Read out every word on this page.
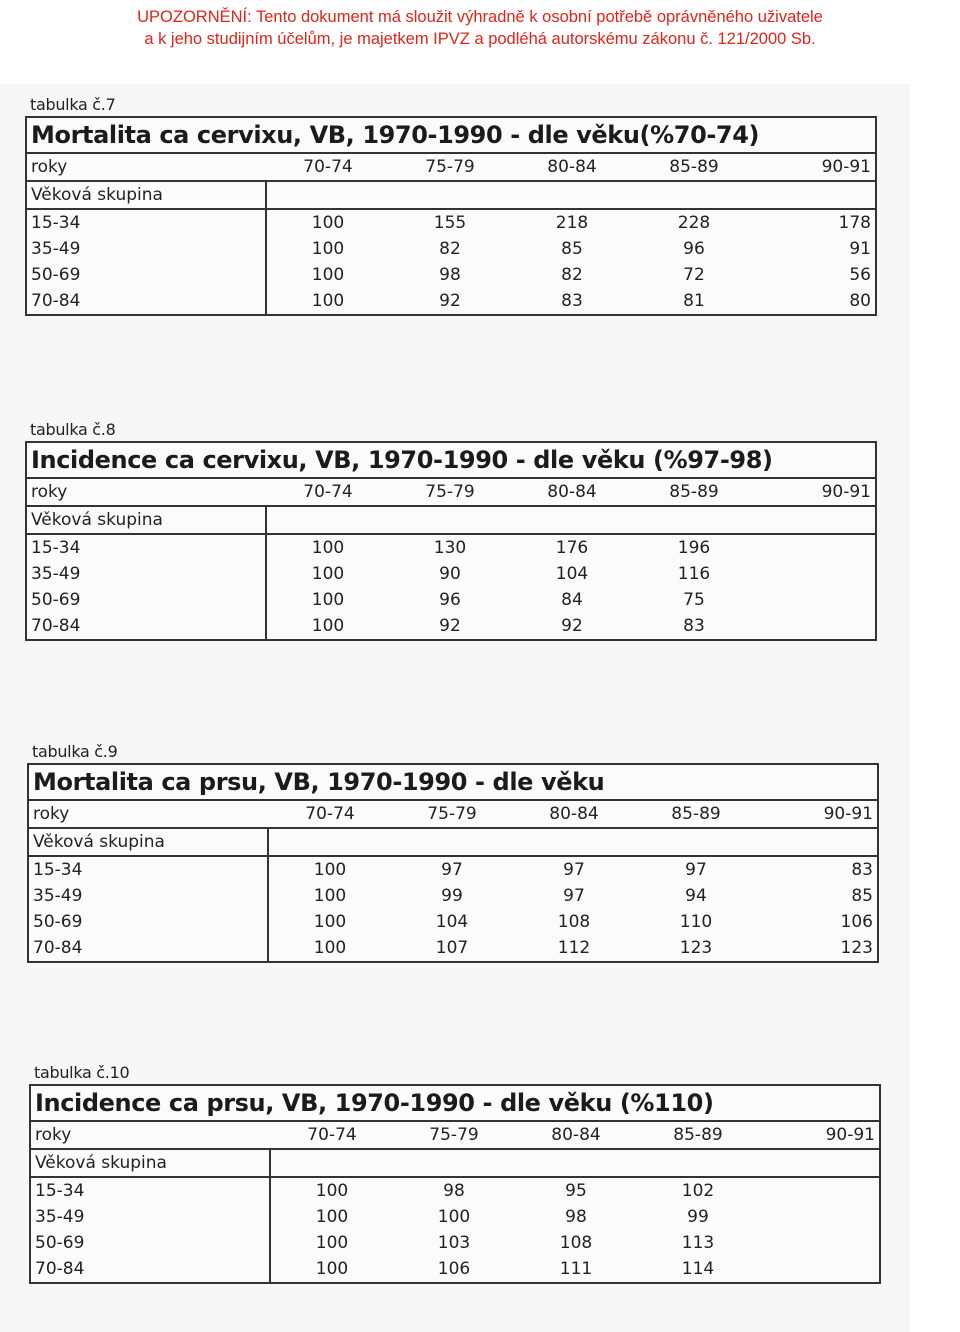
UPOZORNĚNÍ: Tento dokument má sloužit výhradně k osobní potřebě oprávněného uživatele
a k jeho studijním účelům, je majetkem IPVZ a podléhá autorskému zákonu č. 121/2000 Sb.
tabulka č.7
Mortalita ca cervixu, VB, 1970-1990 - dle věku(%70-74)
roky	70-74	75-79	80-84	85-89	90-91
Věková skupina
15-34	100	155	218	228	178
35-49	100	82	85	96	91
50-69	100	98	82	72	56
70-84	100	92	83	81	80
tabulka č.8
Incidence ca cervixu, VB, 1970-1990 - dle věku (%97-98)
roky	70-74	75-79	80-84	85-89	90-91
Věková skupina
15-34	100	130	176	196
35-49	100	90	104	116
50-69	100	96	84	75
70-84	100	92	92	83
tabulka č.9
Mortalita ca prsu, VB, 1970-1990 - dle věku
roky	70-74	75-79	80-84	85-89	90-91
Věková skupina
15-34	100	97	97	97	83
35-49	100	99	97	94	85
50-69	100	104	108	110	106
70-84	100	107	112	123	123
tabulka č.10
Incidence ca prsu, VB, 1970-1990 - dle věku (%110)
roky	70-74	75-79	80-84	85-89	90-91
Věková skupina
15-34	100	98	95	102
35-49	100	100	98	99
50-69	100	103	108	113
70-84	100	106	111	114
